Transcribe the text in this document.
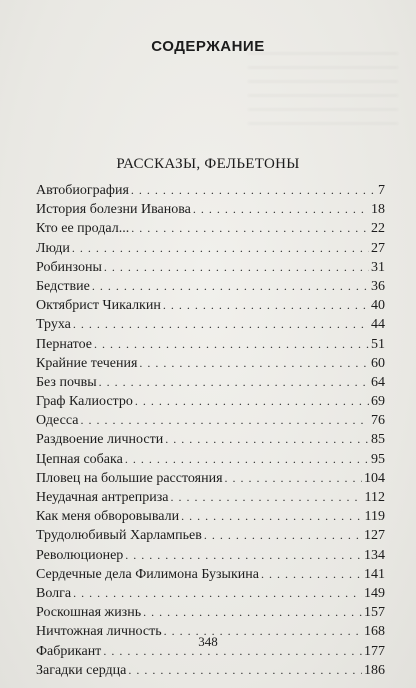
СОДЕРЖАНИЕ
РАССКАЗЫ, ФЕЛЬЕТОНЫ
Автобиография . . .	7
История болезни Иванова . . .	18
Кто ее продал... . . .	22
Люди . . .	27
Робинзоны . . .	31
Бедствие . . .	36
Октябрист Чикалкин . . .	40
Труха . . .	44
Пернатое . . .	51
Крайние течения . . .	60
Без почвы . . .	64
Граф Калиостро . . .	69
Одесса . . .	76
Раздвоение личности . . .	85
Цепная собака . . .	95
Пловец на большие расстояния . . .	104
Неудачная антреприза . . .	112
Как меня обворовывали . . .	119
Трудолюбивый Харлампьев . . .	127
Революционер . . .	134
Сердечные дела Филимона Бузыкина . . .	141
Волга . . .	149
Роскошная жизнь . . .	157
Ничтожная личность . . .	168
Фабрикант . . .	177
Загадки сердца . . .	186
348
